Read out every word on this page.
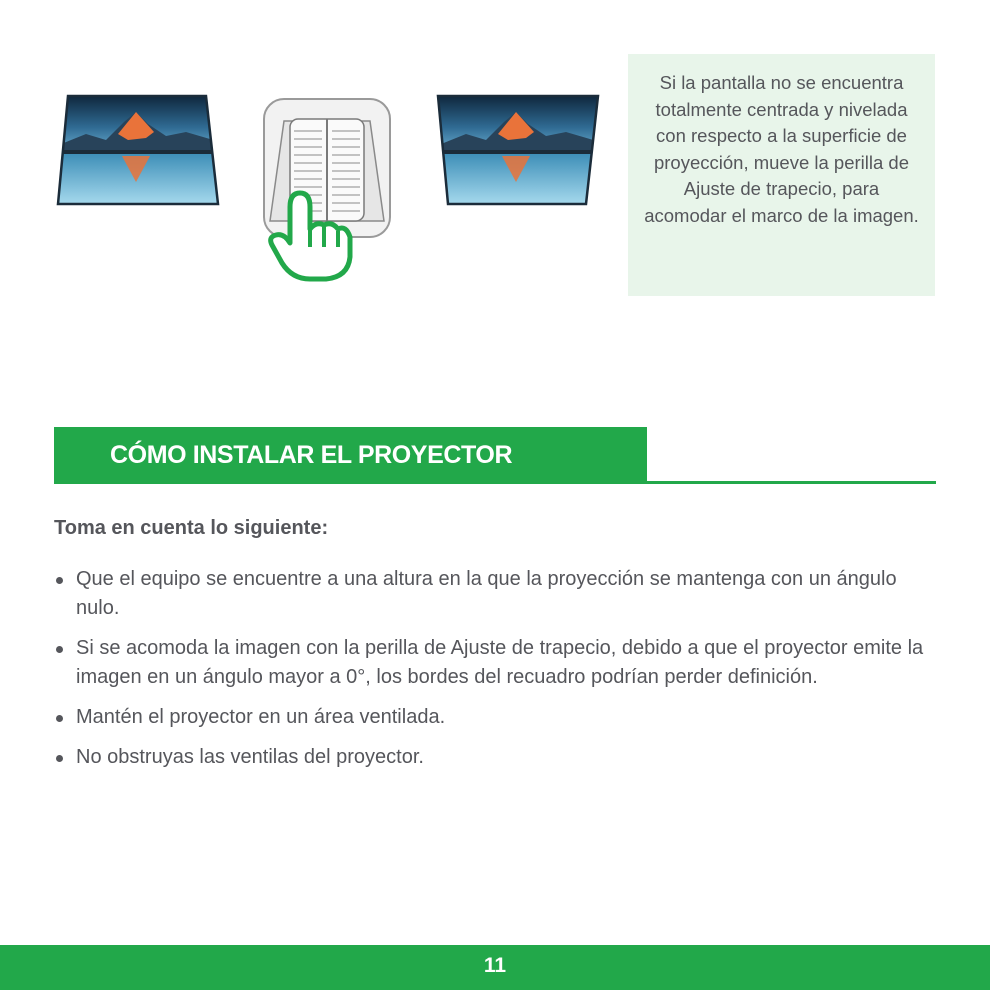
Si la pantalla no se encuentra totalmente centrada y nivelada con respecto a la superficie de proyección, mueve la perilla de Ajuste de trapecio, para acomodar el marco de la imagen.
CÓMO INSTALAR EL PROYECTOR
Toma en cuenta lo siguiente:
Que el equipo se encuentre a una altura en la que la proyección se mantenga con un ángulo nulo.
Si se acomoda la imagen con la perilla de Ajuste de trapecio, debido a que el proyector emite la imagen en un ángulo mayor a 0°, los bordes del recuadro podrían perder definición.
Mantén el proyector en un área ventilada.
No obstruyas las ventilas del proyector.
11
